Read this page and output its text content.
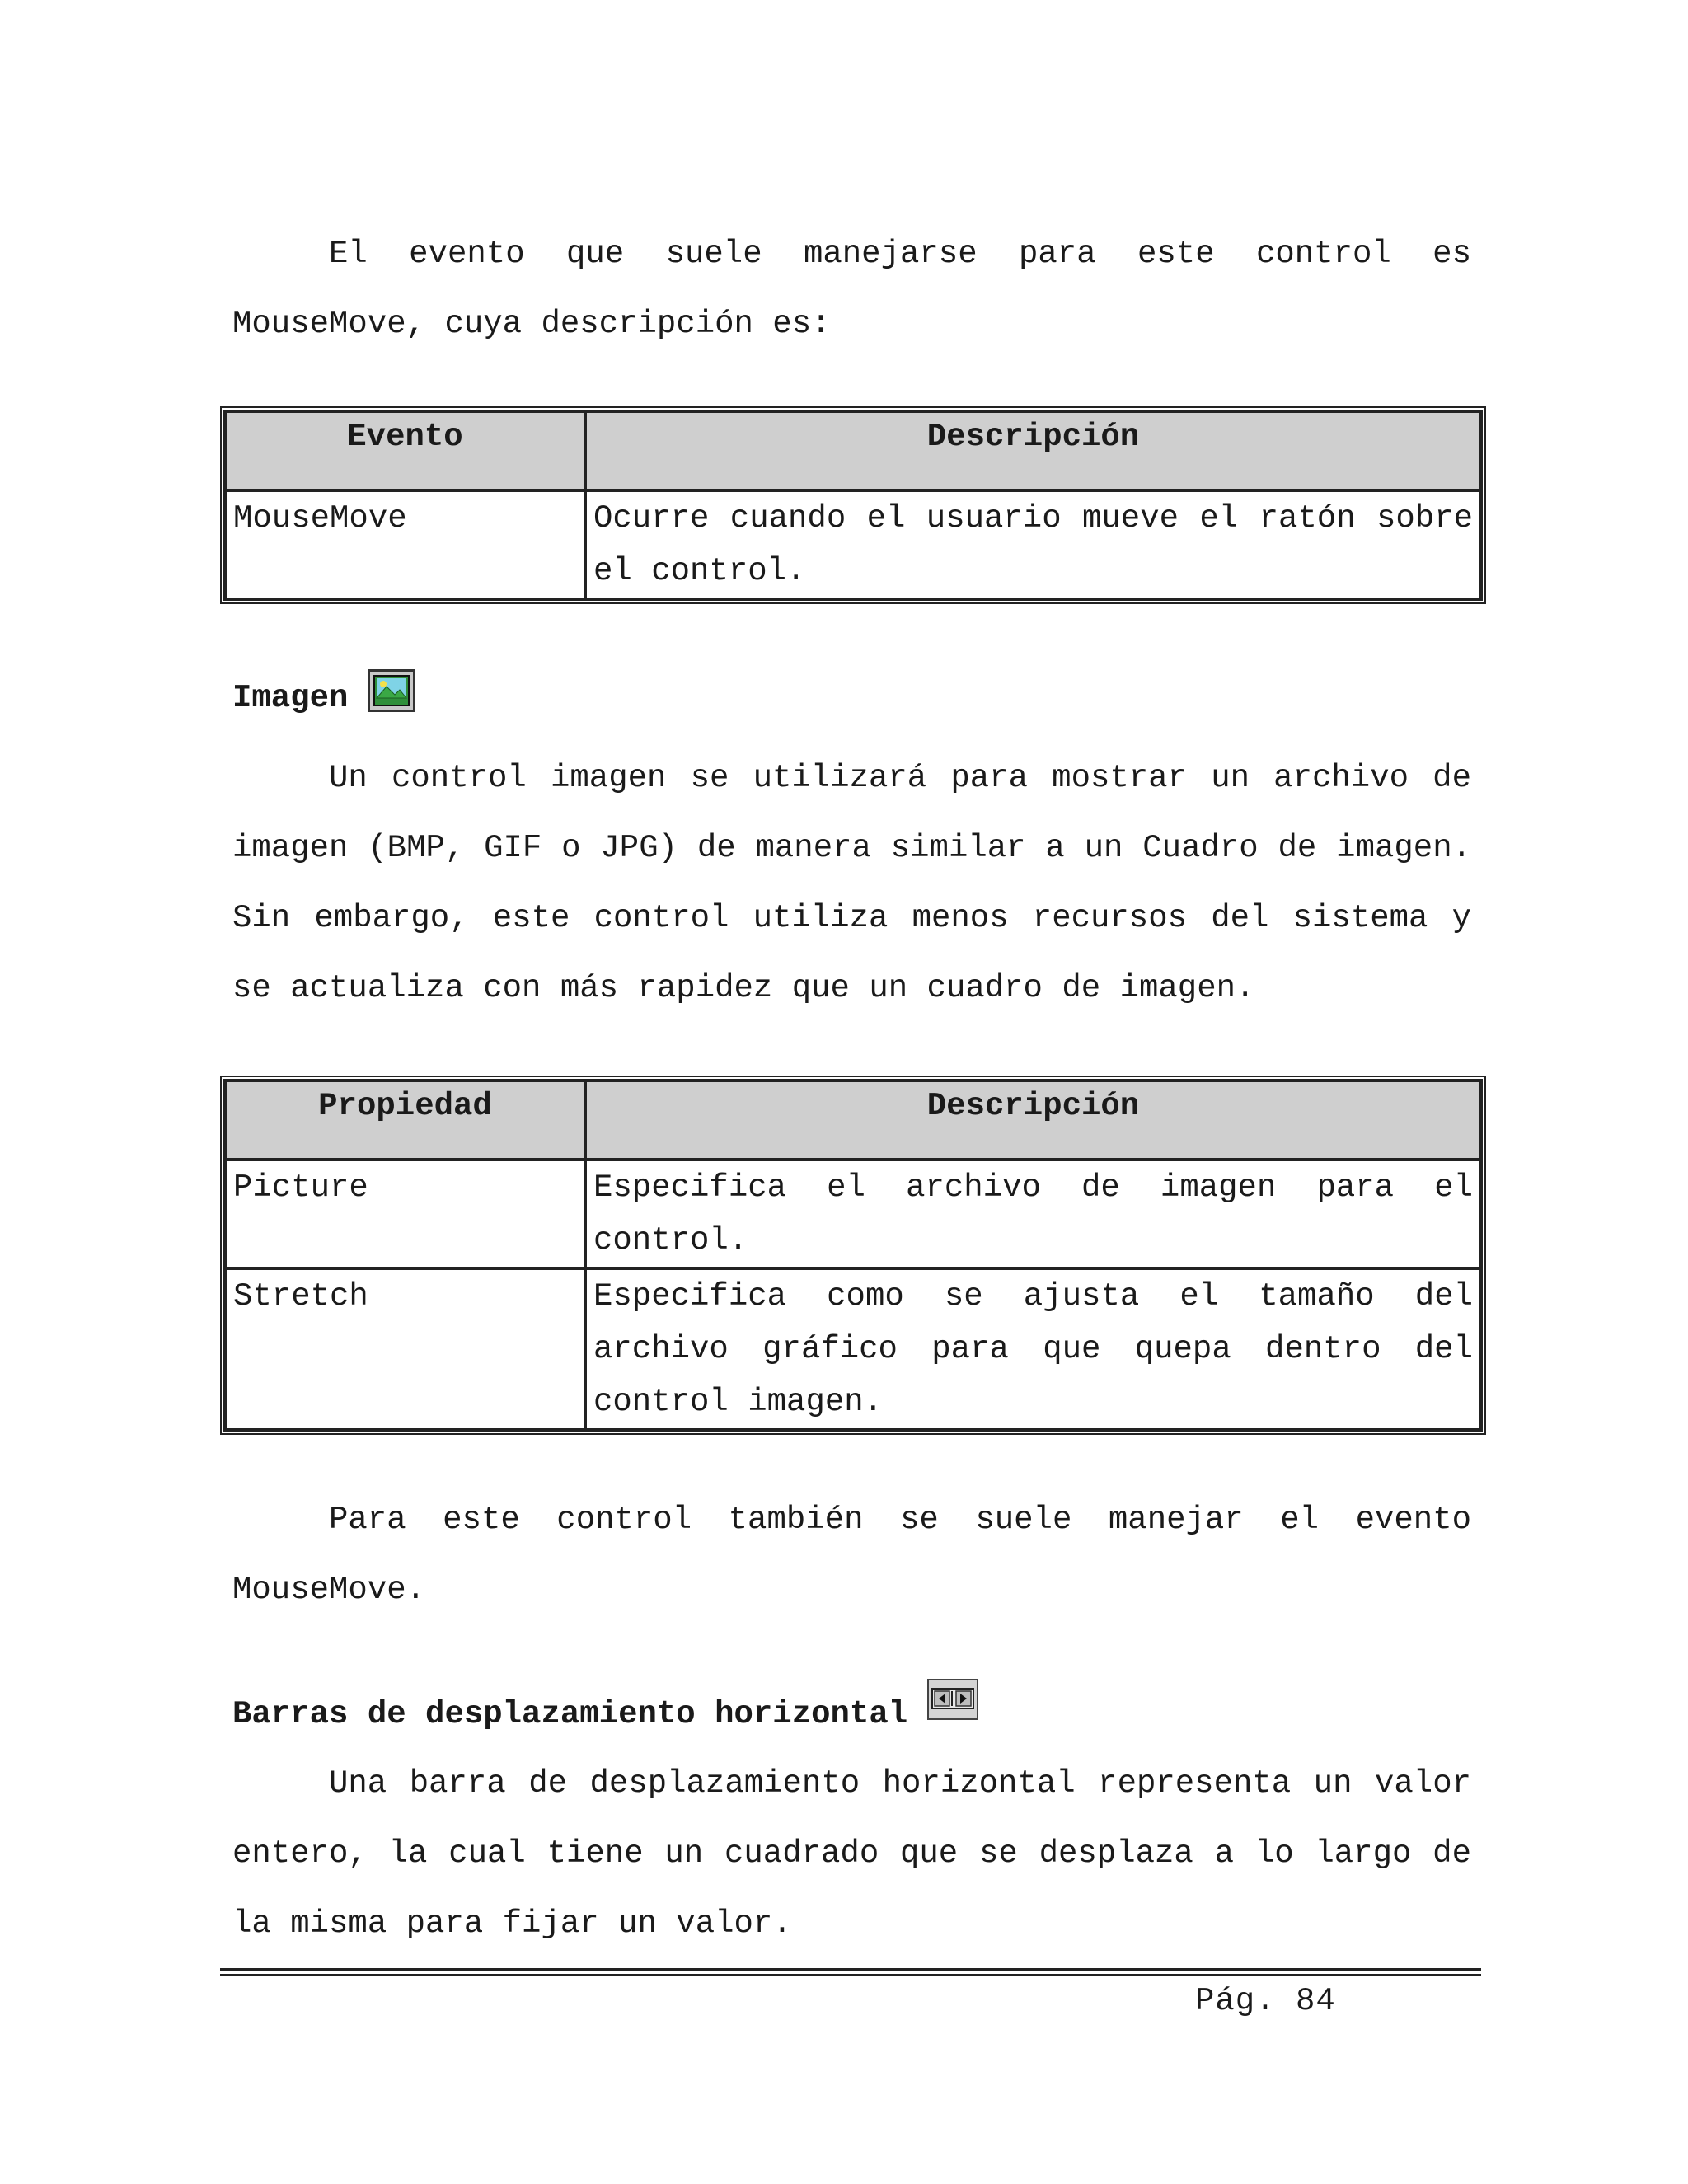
El evento que suele manejarse para este control es MouseMove, cuya descripción es:

Evento	Descripción
MouseMove	Ocurre cuando el usuario mueve el ratón sobre el control.
Imagen

Un control imagen se utilizará para mostrar un archivo de imagen (BMP, GIF o JPG) de manera similar a un Cuadro de imagen. Sin embargo, este control utiliza menos recursos del sistema y se actualiza con más rapidez que un cuadro de imagen.

Propiedad	Descripción
Picture	Especifica el archivo de imagen para el control.
Stretch	Especifica como se ajusta el tamaño del archivo gráfico para que quepa dentro del control imagen.

Para este control también se suele manejar el evento MouseMove.

Barras de desplazamiento horizontal

Una barra de desplazamiento horizontal representa un valor entero, la cual tiene un cuadrado que se desplaza a lo largo de la misma para fijar un valor.

Pág. 84
